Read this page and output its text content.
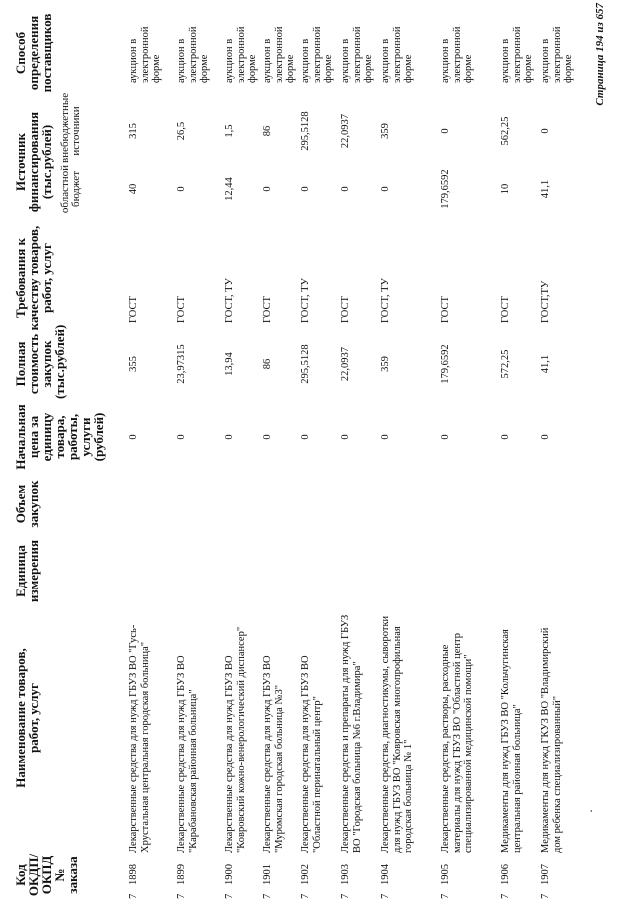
Код ОКДП/ ОКПД № заказа
Наименование товаров, работ, услуг
Единица измерения
Объем закупок
Начальная цена за единицу товара, работы, услуги (рублей)
Полная стоимость закупок (тыс.рублей)
Требования к качеству товаров, работ, услуг
Источник финансирования (тыс.рублей) областной бюджет
внебюджетные источники
Способ определения поставщиков
7
1898
Лекарственные средства для нужд ГБУЗ ВО "Гусь-Хрустальная центральная городская больница"
0
355
ГОСТ
40
315
аукцион в электронной форме
7
1899
Лекарственные средства для нужд ГБУЗ ВО "Карабановская районная больница"
0
23,97315
ГОСТ
0
26,5
аукцион в электронной форме
7
1900
Лекарственные средства для нужд ГБУЗ ВО "Ковровский кожно-венерологический диспансер"
0
13,94
ГОСТ, ТУ
12,44
1,5
аукцион в электронной форме
7
1901
Лекарственные средства для нужд ГБУЗ ВО "Муромская городская больница №3"
0
86
ГОСТ
0
86
аукцион в электронной форме
7
1902
Лекарственные средства для нужд ГБУЗ ВО "Областной перинатальный центр"
0
295,5128
ГОСТ, ТУ
0
295,5128
аукцион в электронной форме
7
1903
Лекарственные средства и препараты для нужд ГБУЗ ВО "Городская больница №6 г.Владимира"
0
22,0937
ГОСТ
0
22,0937
аукцион в электронной форме
7
1904
Лекарственные средства, диагностикумы, сыворотки для нужд ГБУЗ ВО "Ковровская многопрофильная городская больница № 1"
0
359
ГОСТ, ТУ
0
359
аукцион в электронной форме
7
1905
Лекарственные средства, растворы, расходные материалы для нужд ГБУЗ ВО "Областной центр специализированной медицинской помощи"
0
179,6592
ГОСТ
179,6592
0
аукцион в электронной форме
7
1906
Медикаменты для нужд ГБУЗ ВО "Кольчугинская центральная районная больница"
0
572,25
ГОСТ
10
562,25
аукцион в электронной форме
7
1907
Медикаменты для нужд ГКУЗ ВО "Владимирский дом ребенка специализированный"
0
41,1
ГОСТ,ТУ
41,1
0
аукцион в электронной форме
·
Страница 194 из 657
